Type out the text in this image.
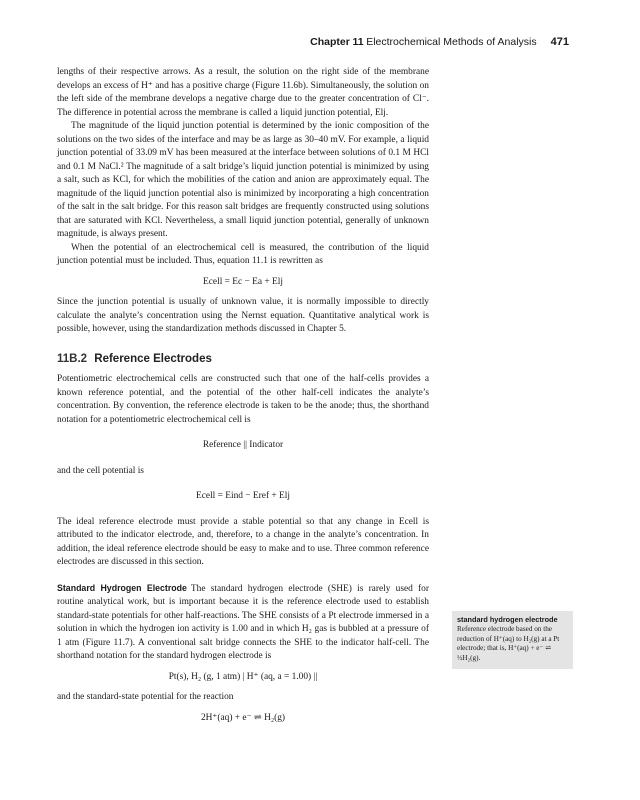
Chapter 11 Electrochemical Methods of Analysis 471

lengths of their respective arrows. As a result, the solution on the right side of the membrane develops an excess of H⁺ and has a positive charge (Figure 11.6b). Simultaneously, the solution on the left side of the membrane develops a negative charge due to the greater concentration of Cl⁻. The difference in potential across the membrane is called a liquid junction potential, Elj.

The magnitude of the liquid junction potential is determined by the ionic composition of the solutions on the two sides of the interface and may be as large as 30–40 mV. For example, a liquid junction potential of 33.09 mV has been measured at the interface between solutions of 0.1 M HCl and 0.1 M NaCl.² The magnitude of a salt bridge’s liquid junction potential is minimized by using a salt, such as KCl, for which the mobilities of the cation and anion are approximately equal. The magnitude of the liquid junction potential also is minimized by incorporating a high concentration of the salt in the salt bridge. For this reason salt bridges are frequently constructed using solutions that are saturated with KCl. Nevertheless, a small liquid junction potential, generally of unknown magnitude, is always present.

When the potential of an electrochemical cell is measured, the contribution of the liquid junction potential must be included. Thus, equation 11.1 is rewritten as

Ecell = Ec − Ea + Elj

Since the junction potential is usually of unknown value, it is normally impossible to directly calculate the analyte’s concentration using the Nernst equation. Quantitative analytical work is possible, however, using the standardization methods discussed in Chapter 5.

11B.2 Reference Electrodes

Potentiometric electrochemical cells are constructed such that one of the half-cells provides a known reference potential, and the potential of the other half-cell indicates the analyte’s concentration. By convention, the reference electrode is taken to be the anode; thus, the shorthand notation for a potentiometric electrochemical cell is

Reference || Indicator

and the cell potential is

Ecell = Eind − Eref + Elj

The ideal reference electrode must provide a stable potential so that any change in Ecell is attributed to the indicator electrode, and, therefore, to a change in the analyte’s concentration. In addition, the ideal reference electrode should be easy to make and to use. Three common reference electrodes are discussed in this section.

Standard Hydrogen Electrode The standard hydrogen electrode (SHE) is rarely used for routine analytical work, but is important because it is the reference electrode used to establish standard-state potentials for other half-reactions. The SHE consists of a Pt electrode immersed in a solution in which the hydrogen ion activity is 1.00 and in which H₂ gas is bubbled at a pressure of 1 atm (Figure 11.7). A conventional salt bridge connects the SHE to the indicator half-cell. The shorthand notation for the standard hydrogen electrode is

Pt(s), H₂ (g, 1 atm) | H⁺ (aq, a = 1.00) ||

and the standard-state potential for the reaction

2H⁺(aq) + e⁻ ⇌ H₂(g)
standard hydrogen electrode
Reference electrode based on the reduction of H⁺(aq) to H₂(g) at a Pt electrode; that is, H⁺(aq) + e⁻ ⇌ ½H₂(g).
